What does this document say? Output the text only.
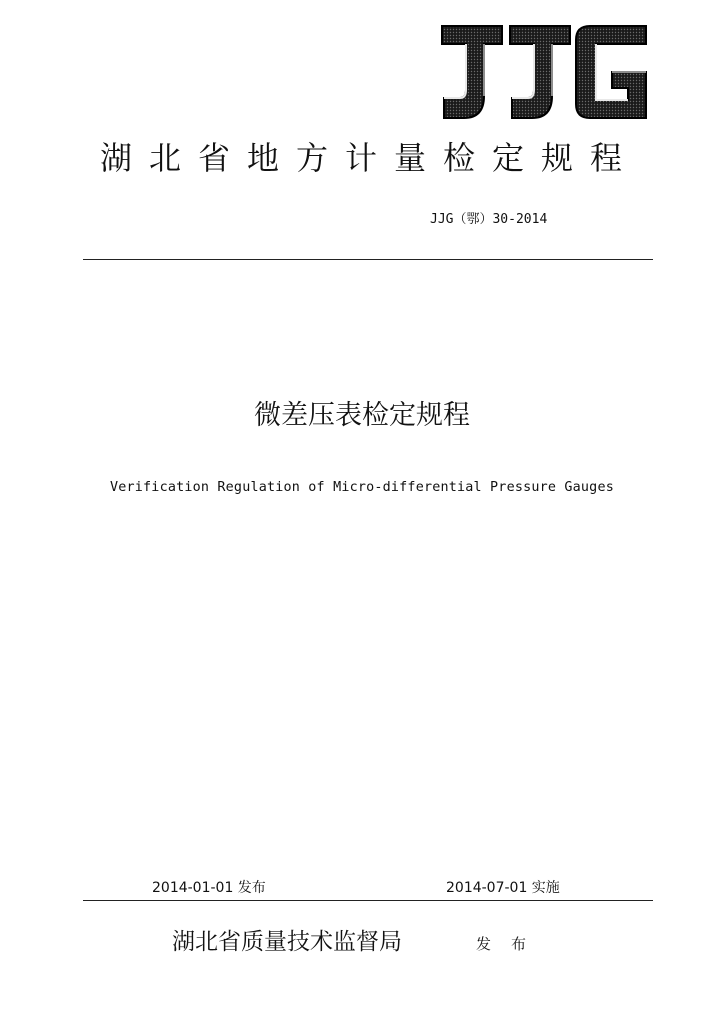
湖北省地方计量检定规程
JJG（鄂）30-2014
微差压表检定规程
Verification Regulation of Micro-differential Pressure Gauges
2014-01-01 发布	2014-07-01 实施
湖北省质量技术监督局	发布
